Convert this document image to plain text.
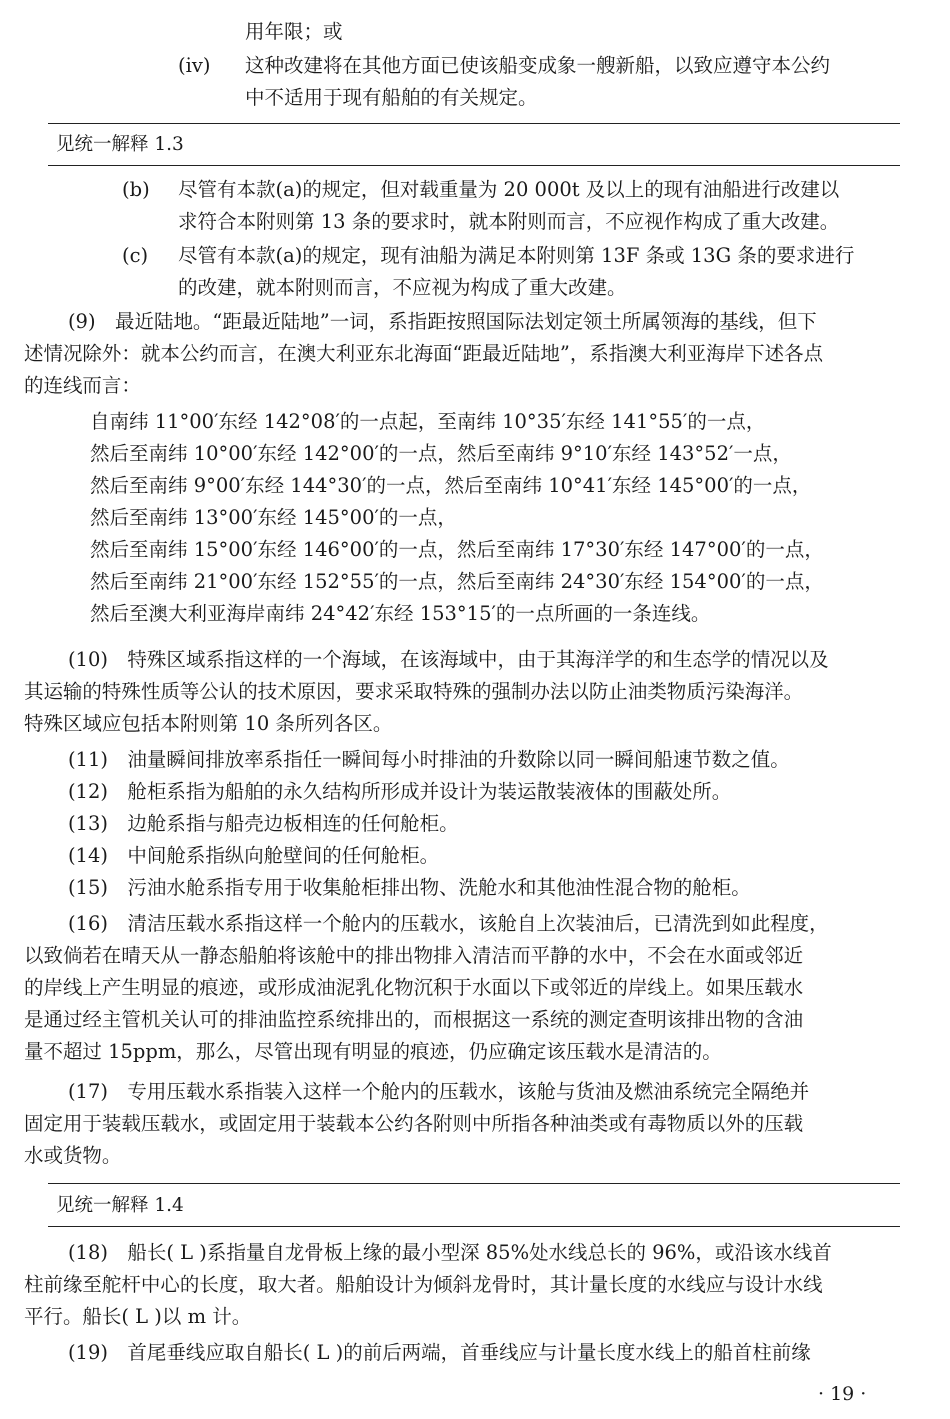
用年限；或
(ⅳ) 这种改建将在其他方面已使该船变成象一艘新船，以致应遵守本公约
中不适用于现有船舶的有关规定。
见统一解释 1.3
(b) 尽管有本款(a)的规定，但对载重量为 20 000t 及以上的现有油船进行改建以
求符合本附则第 13 条的要求时，就本附则而言，不应视作构成了重大改建。
(c) 尽管有本款(a)的规定，现有油船为满足本附则第 13F 条或 13G 条的要求进行
的改建，就本附则而言，不应视为构成了重大改建。
(9)　最近陆地。“距最近陆地”一词，系指距按照国际法划定领土所属领海的基线，但下
述情况除外：就本公约而言，在澳大利亚东北海面“距最近陆地”，系指澳大利亚海岸下述各点
的连线而言：
自南纬 11°00′东经 142°08′的一点起，至南纬 10°35′东经 141°55′的一点，
然后至南纬 10°00′东经 142°00′的一点，然后至南纬 9°10′东经 143°52′一点，
然后至南纬 9°00′东经 144°30′的一点，然后至南纬 10°41′东经 145°00′的一点，
然后至南纬 13°00′东经 145°00′的一点，
然后至南纬 15°00′东经 146°00′的一点，然后至南纬 17°30′东经 147°00′的一点，
然后至南纬 21°00′东经 152°55′的一点，然后至南纬 24°30′东经 154°00′的一点，
然后至澳大利亚海岸南纬 24°42′东经 153°15′的一点所画的一条连线。
(10)　特殊区域系指这样的一个海域，在该海域中，由于其海洋学的和生态学的情况以及
其运输的特殊性质等公认的技术原因，要求采取特殊的强制办法以防止油类物质污染海洋。
特殊区域应包括本附则第 10 条所列各区。
(11)　油量瞬间排放率系指任一瞬间每小时排油的升数除以同一瞬间船速节数之值。
(12)　舱柜系指为船舶的永久结构所形成并设计为装运散装液体的围蔽处所。
(13)　边舱系指与船壳边板相连的任何舱柜。
(14)　中间舱系指纵向舱壁间的任何舱柜。
(15)　污油水舱系指专用于收集舱柜排出物、洗舱水和其他油性混合物的舱柜。
(16)　清洁压载水系指这样一个舱内的压载水，该舱自上次装油后，已清洗到如此程度，
以致倘若在晴天从一静态船舶将该舱中的排出物排入清洁而平静的水中，不会在水面或邻近
的岸线上产生明显的痕迹，或形成油泥乳化物沉积于水面以下或邻近的岸线上。如果压载水
是通过经主管机关认可的排油监控系统排出的，而根据这一系统的测定查明该排出物的含油
量不超过 15ppm，那么，尽管出现有明显的痕迹，仍应确定该压载水是清洁的。
(17)　专用压载水系指装入这样一个舱内的压载水，该舱与货油及燃油系统完全隔绝并
固定用于装载压载水，或固定用于装载本公约各附则中所指各种油类或有毒物质以外的压载
水或货物。
见统一解释 1.4
(18)　船长( L )系指量自龙骨板上缘的最小型深 85%处水线总长的 96%，或沿该水线首
柱前缘至舵杆中心的长度，取大者。船舶设计为倾斜龙骨时，其计量长度的水线应与设计水线
平行。船长( L )以 m 计。
(19)　首尾垂线应取自船长( L )的前后两端，首垂线应与计量长度水线上的船首柱前缘
· 19 ·
